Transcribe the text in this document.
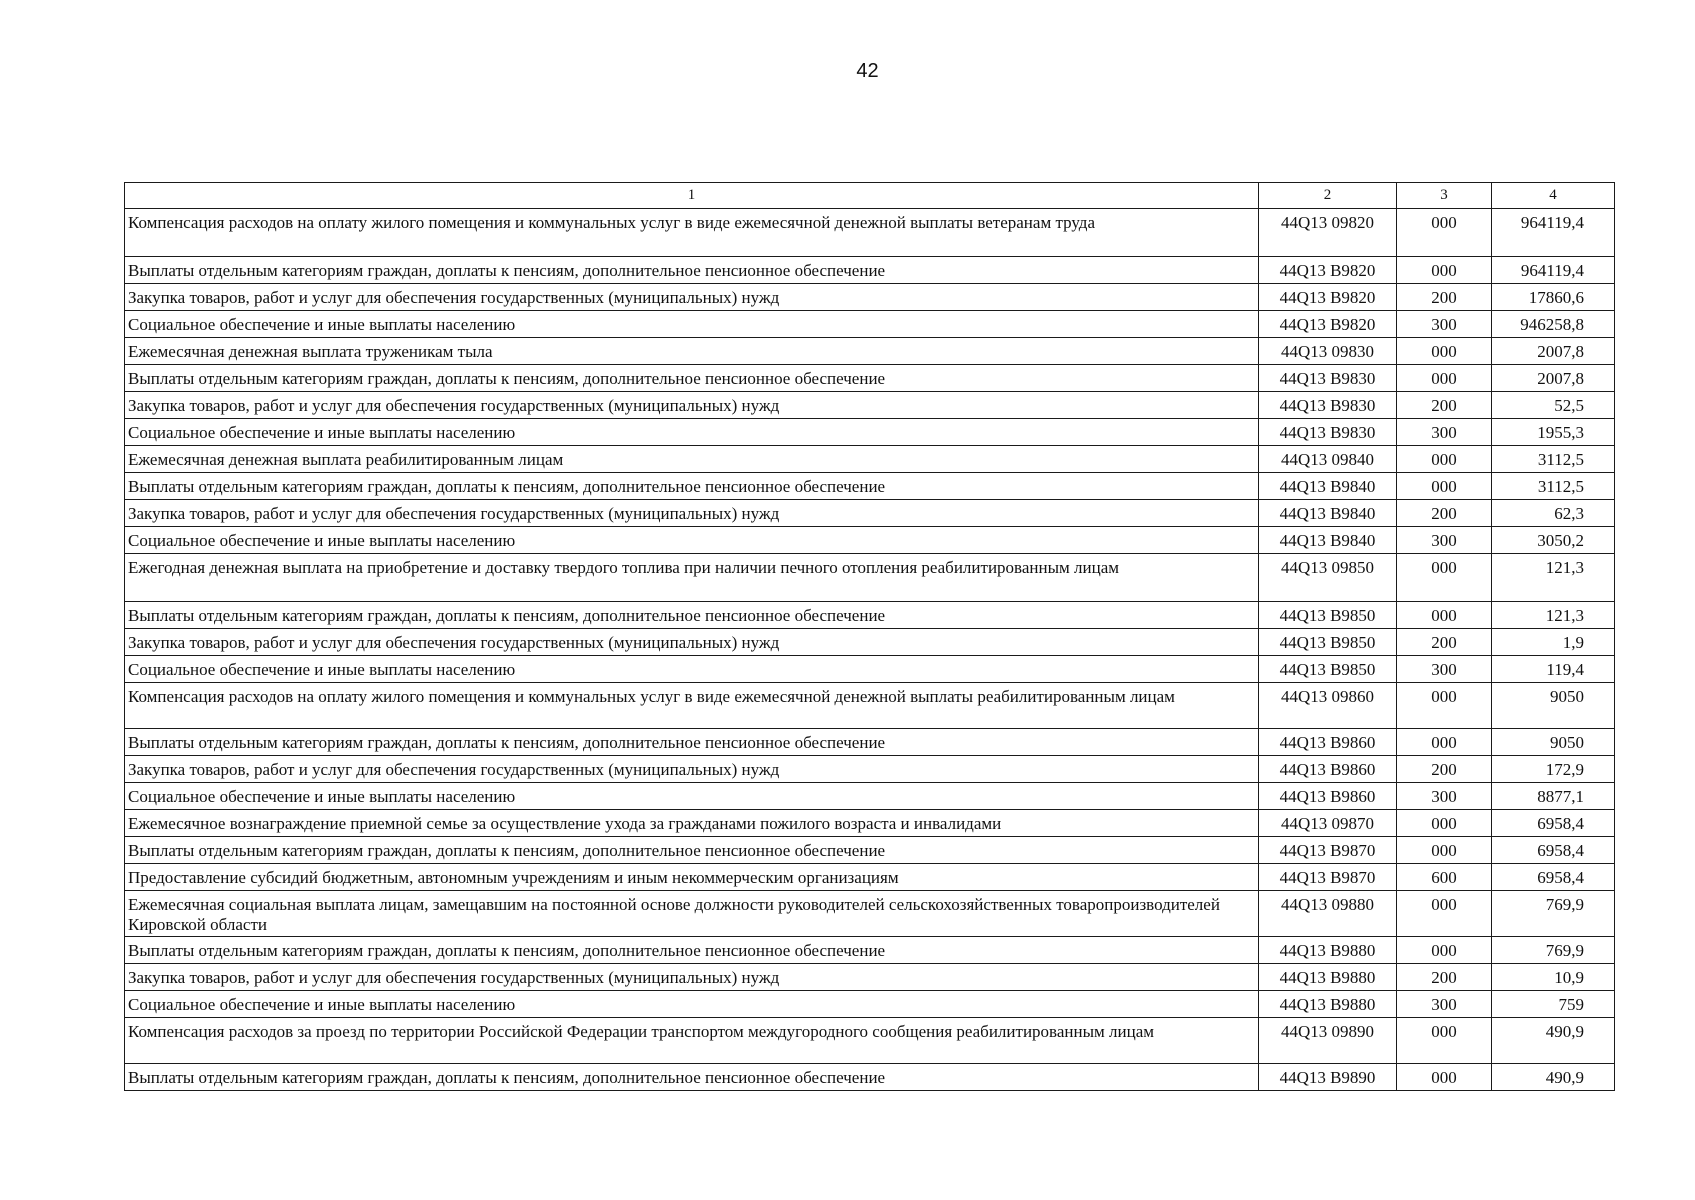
42
1	2	3	4
Компенсация расходов на оплату жилого помещения и коммунальных услуг в виде ежемесячной денежной выплаты ветеранам труда	44Q13 09820	000	964119,4
Выплаты отдельным категориям граждан, доплаты к пенсиям, дополнительное пенсионное обеспечение	44Q13 B9820	000	964119,4
Закупка товаров, работ и услуг для обеспечения государственных (муниципальных) нужд	44Q13 B9820	200	17860,6
Социальное обеспечение и иные выплаты населению	44Q13 B9820	300	946258,8
Ежемесячная денежная выплата труженикам тыла	44Q13 09830	000	2007,8
Выплаты отдельным категориям граждан, доплаты к пенсиям, дополнительное пенсионное обеспечение	44Q13 B9830	000	2007,8
Закупка товаров, работ и услуг для обеспечения государственных (муниципальных) нужд	44Q13 B9830	200	52,5
Социальное обеспечение и иные выплаты населению	44Q13 B9830	300	1955,3
Ежемесячная денежная выплата реабилитированным лицам	44Q13 09840	000	3112,5
Выплаты отдельным категориям граждан, доплаты к пенсиям, дополнительное пенсионное обеспечение	44Q13 B9840	000	3112,5
Закупка товаров, работ и услуг для обеспечения государственных (муниципальных) нужд	44Q13 B9840	200	62,3
Социальное обеспечение и иные выплаты населению	44Q13 B9840	300	3050,2
Ежегодная денежная выплата на приобретение и доставку твердого топлива при наличии печного отопления реабилитированным лицам	44Q13 09850	000	121,3
Выплаты отдельным категориям граждан, доплаты к пенсиям, дополнительное пенсионное обеспечение	44Q13 B9850	000	121,3
Закупка товаров, работ и услуг для обеспечения государственных (муниципальных) нужд	44Q13 B9850	200	1,9
Социальное обеспечение и иные выплаты населению	44Q13 B9850	300	119,4
Компенсация расходов на оплату жилого помещения и коммунальных услуг в виде ежемесячной денежной выплаты реабилитированным лицам	44Q13 09860	000	9050
Выплаты отдельным категориям граждан, доплаты к пенсиям, дополнительное пенсионное обеспечение	44Q13 B9860	000	9050
Закупка товаров, работ и услуг для обеспечения государственных (муниципальных) нужд	44Q13 B9860	200	172,9
Социальное обеспечение и иные выплаты населению	44Q13 B9860	300	8877,1
Ежемесячное вознаграждение приемной семье за осуществление ухода за гражданами пожилого возраста и инвалидами	44Q13 09870	000	6958,4
Выплаты отдельным категориям граждан, доплаты к пенсиям, дополнительное пенсионное обеспечение	44Q13 B9870	000	6958,4
Предоставление субсидий бюджетным, автономным учреждениям и иным некоммерческим организациям	44Q13 B9870	600	6958,4
Ежемесячная социальная выплата лицам, замещавшим на постоянной основе должности руководителей сельскохозяйственных товаропроизводителей Кировской области	44Q13 09880	000	769,9
Выплаты отдельным категориям граждан, доплаты к пенсиям, дополнительное пенсионное обеспечение	44Q13 B9880	000	769,9
Закупка товаров, работ и услуг для обеспечения государственных (муниципальных) нужд	44Q13 B9880	200	10,9
Социальное обеспечение и иные выплаты населению	44Q13 B9880	300	759
Компенсация расходов за проезд по территории Российской Федерации транспортом междугородного сообщения реабилитированным лицам	44Q13 09890	000	490,9
Выплаты отдельным категориям граждан, доплаты к пенсиям, дополнительное пенсионное обеспечение	44Q13 B9890	000	490,9
